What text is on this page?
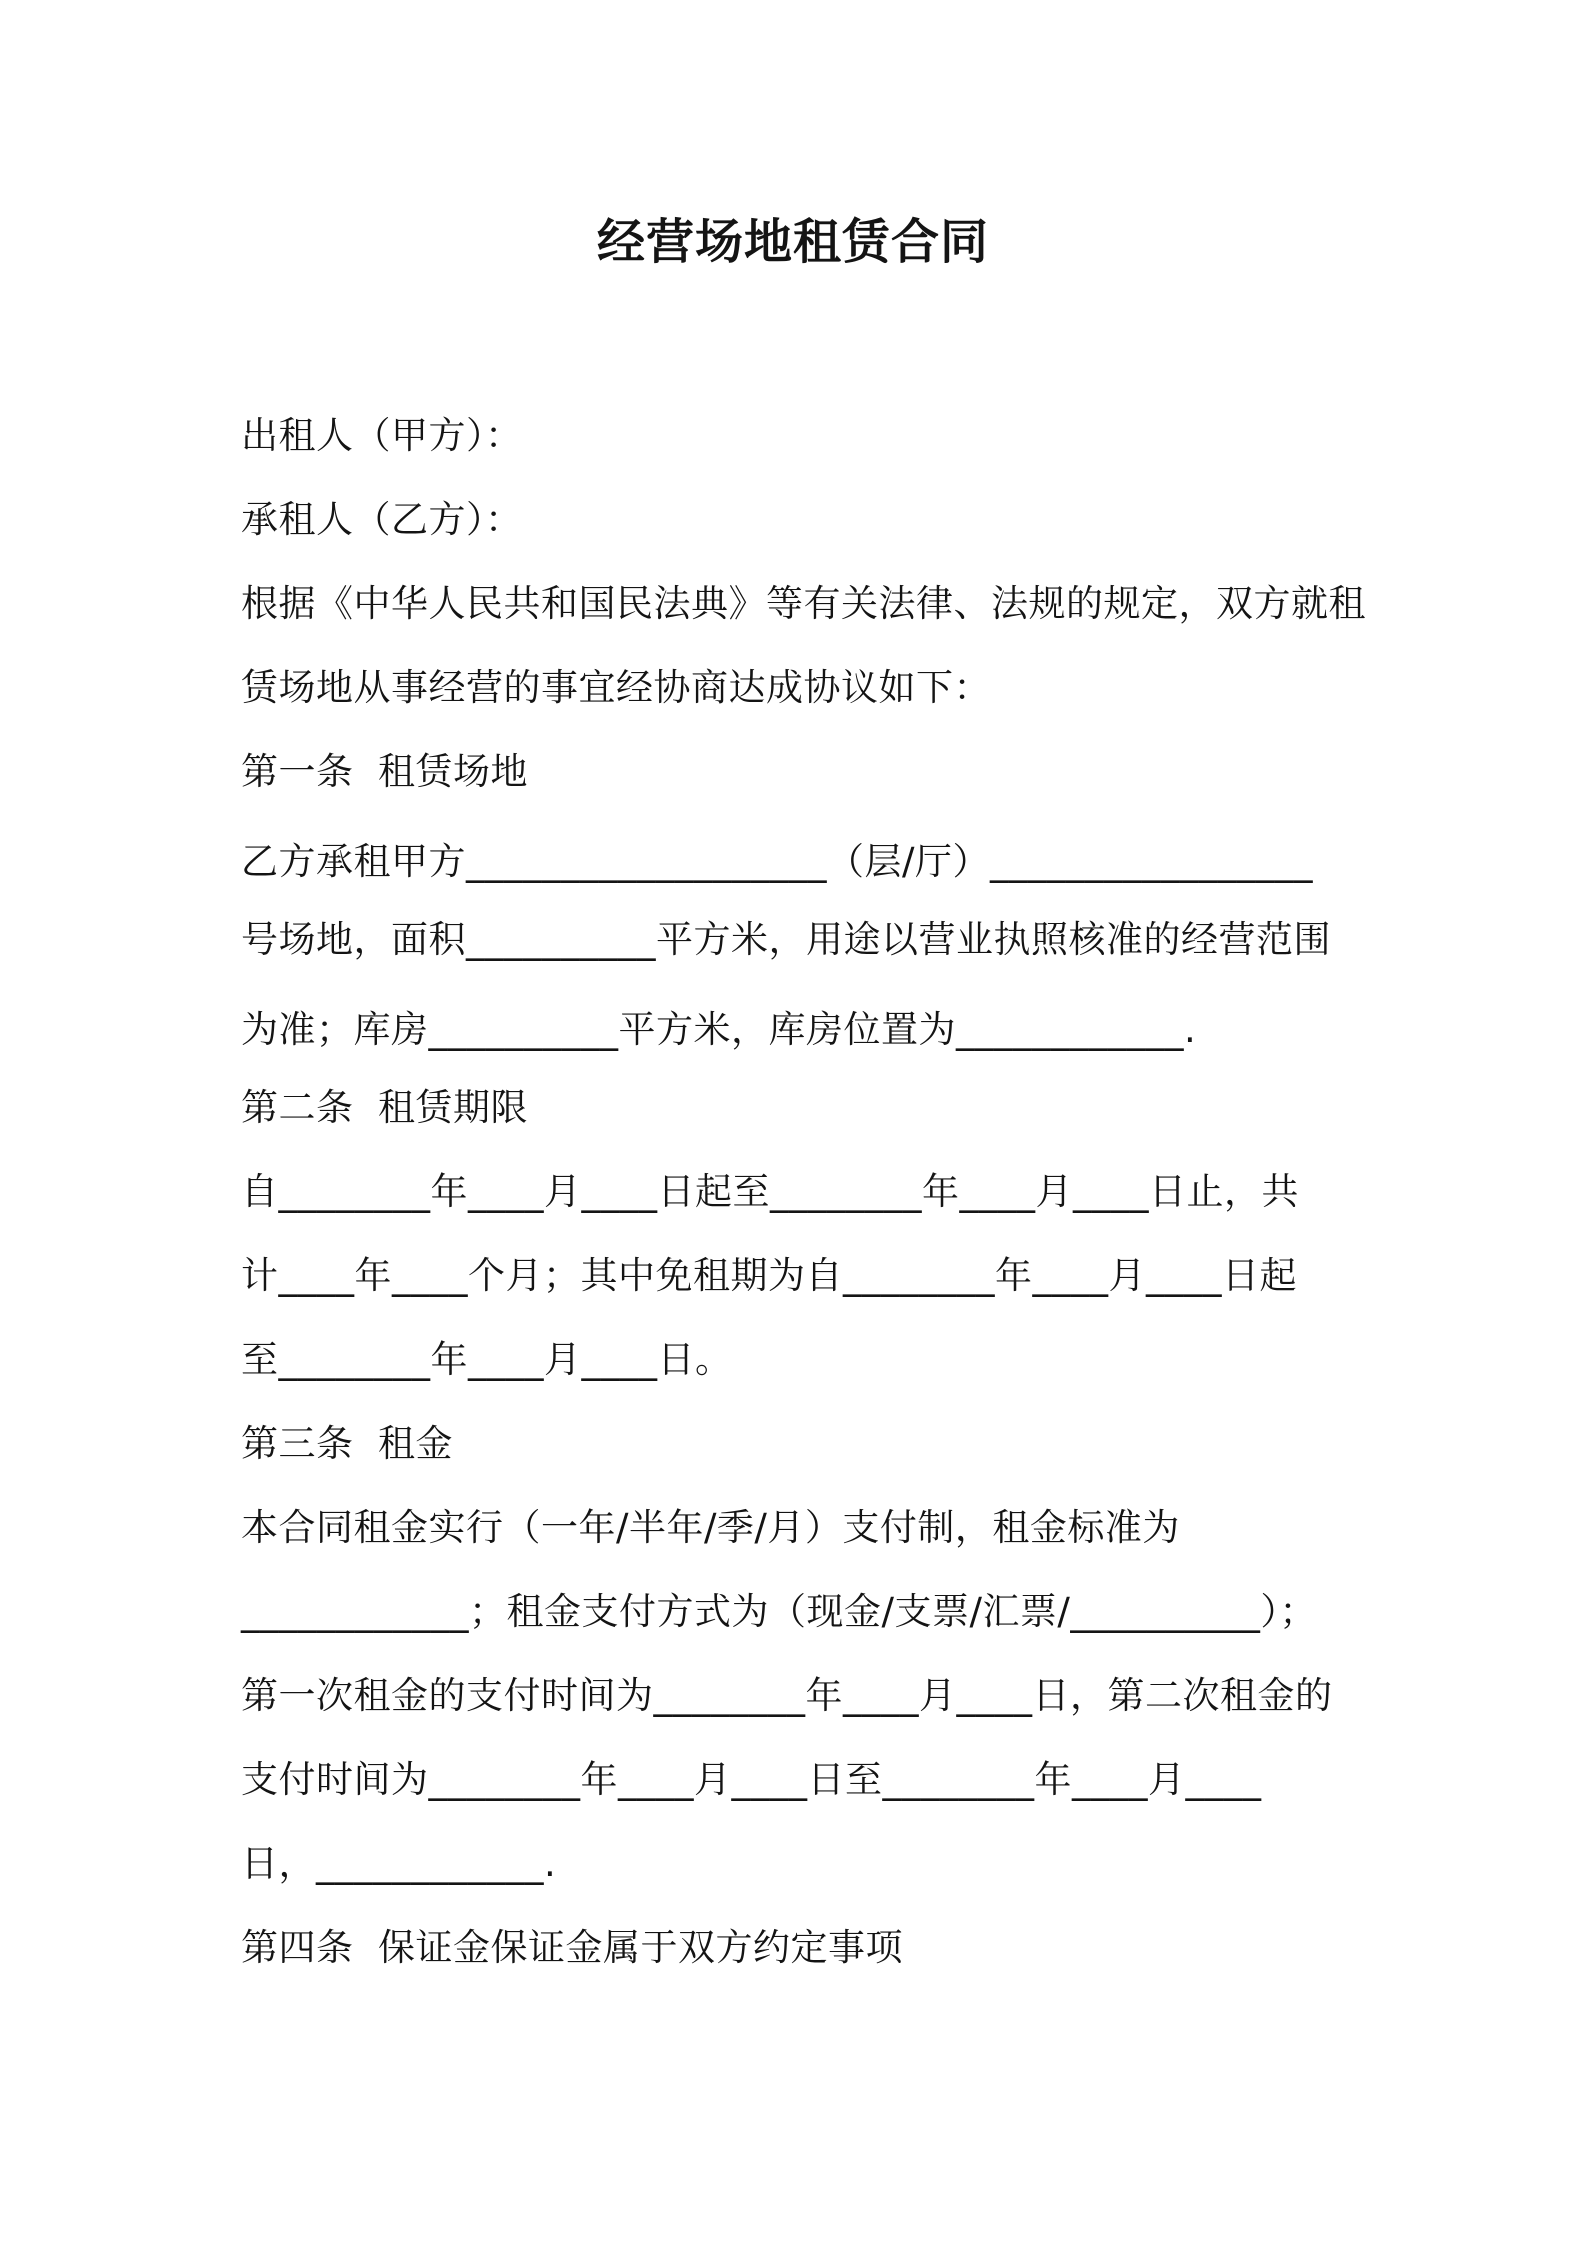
经营场地租赁合同
出租人（甲方）：
承租人（乙方）：
根据《中华人民共和国民法典》等有关法律、法规的规定，双方就租
赁场地从事经营的事宜经协商达成协议如下：
第一条  租赁场地
乙方承租甲方___________________（层/厅）_________________
号场地，面积__________平方米，用途以营业执照核准的经营范围
为准；库房__________平方米，库房位置为____________.
第二条  租赁期限
自________年____月____日起至________年____月____日止，共
计____年____个月；其中免租期为自________年____月____日起
至________年____月____日。
第三条  租金
本合同租金实行（一年/半年/季/月）支付制，租金标准为
____________；租金支付方式为（现金/支票/汇票/__________）；
第一次租金的支付时间为________年____月____日，第二次租金的
支付时间为________年____月____日至________年____月____
日，____________.
第四条  保证金保证金属于双方约定事项
